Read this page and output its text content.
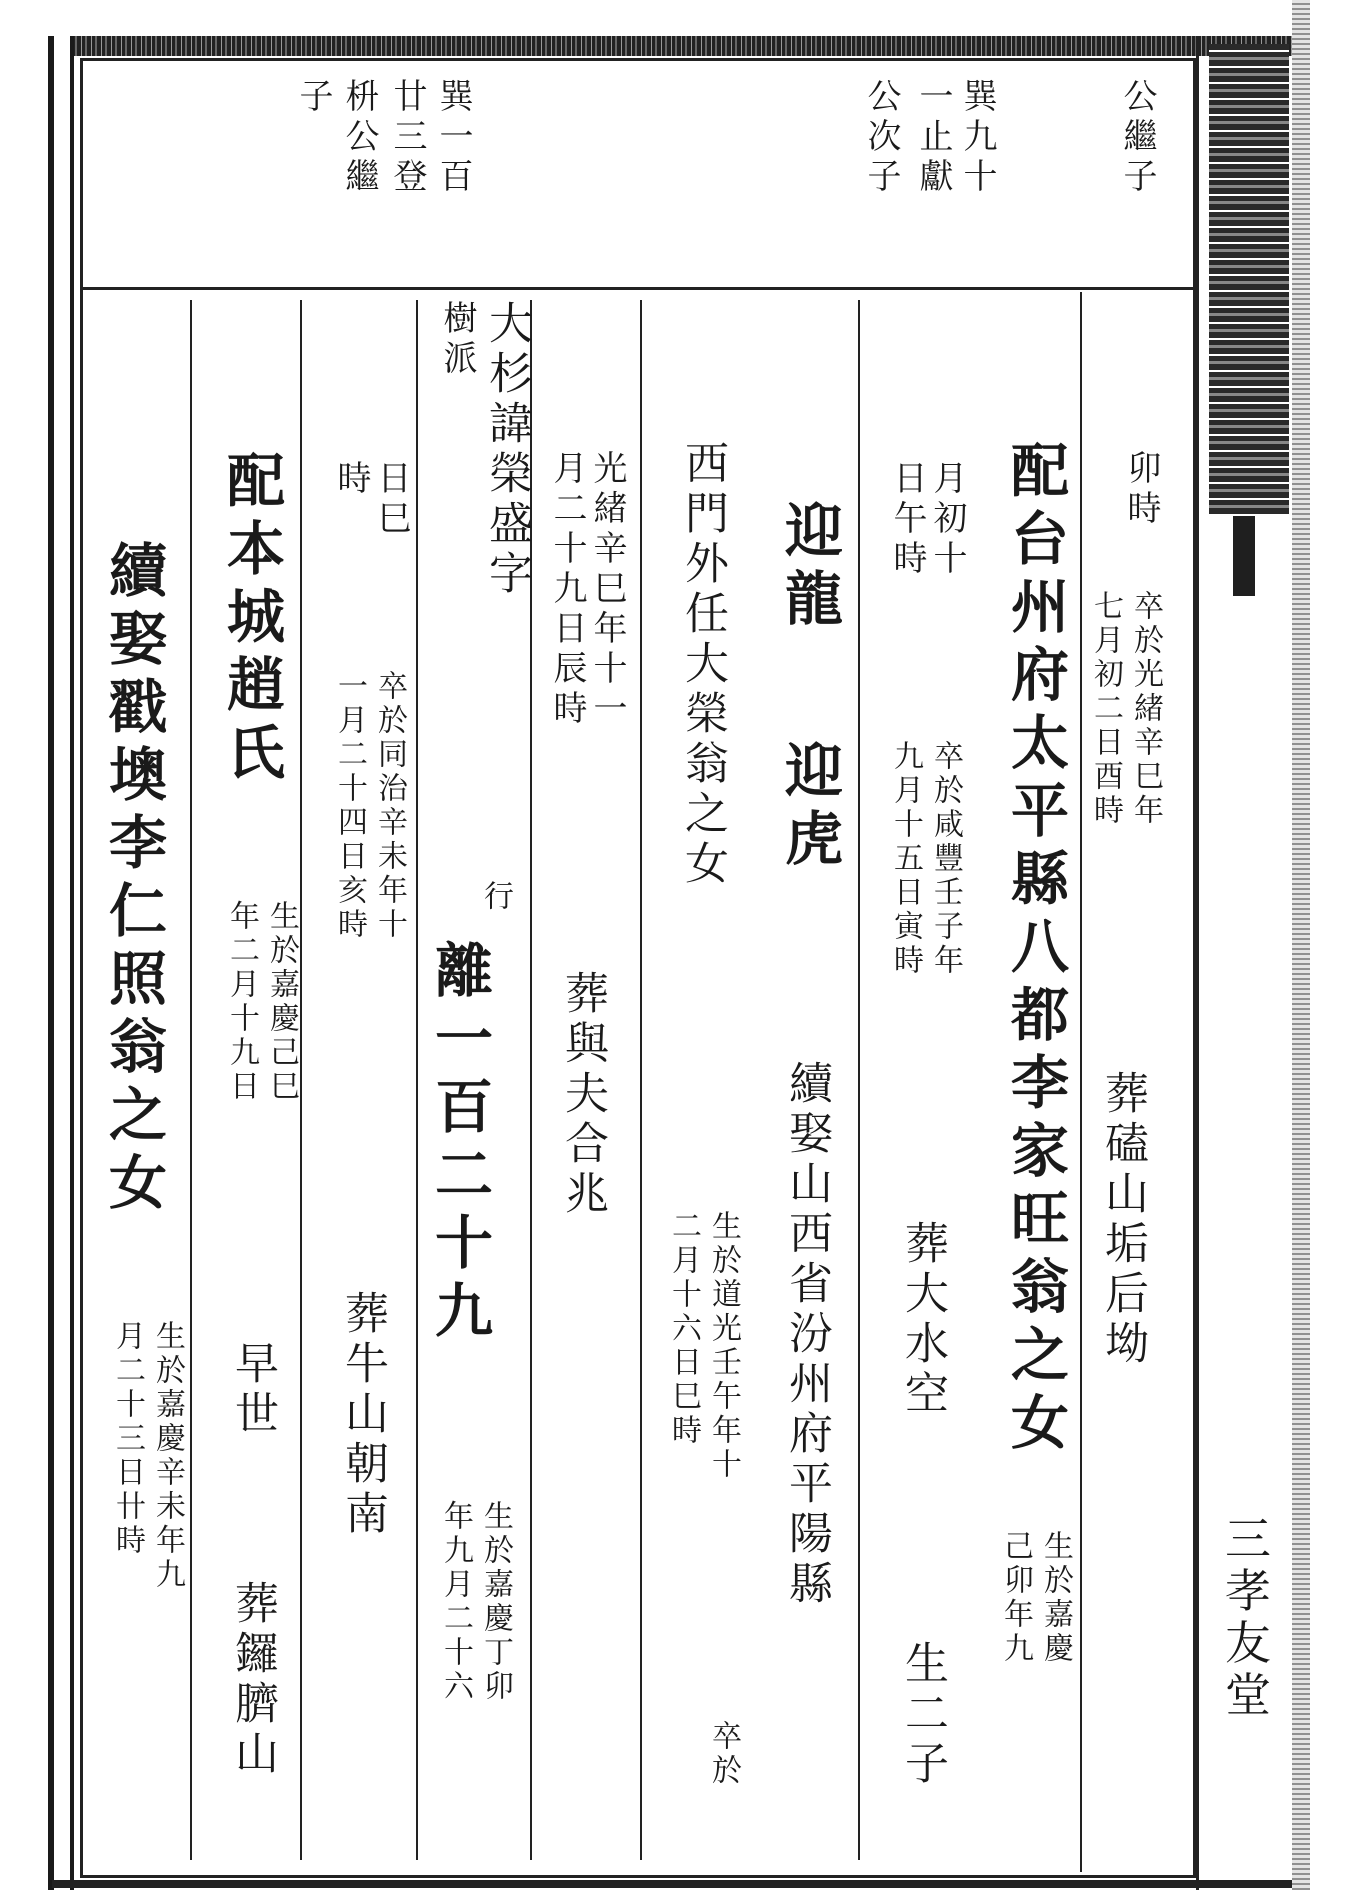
三
孝
友
堂
公繼子
巽九十
一止獻
公次子
巽一百
廿三登
枡公繼
子
卯
時
卒於光緒辛巳年
七月初二日酉時
葬磕山垢后坳
配台州府太平縣八都李家旺翁之女
生於嘉慶
己卯年九
月初十
日午時
卒於咸豐壬子年
九月十五日寅時
葬大水空
生二子
迎龍
迎虎
續娶山西省汾州府平陽縣
西門外任大榮翁之女
生於道光壬午年十
二月十六日巳時
卒於
光緒辛巳年十一
月二十九日辰時
葬與夫合兆
大杉
諱榮盛字
樹派
行
離一百二十九
生於嘉慶丁卯
年九月二十六
日巳
時
卒於同治辛未年十
一月二十四日亥時
葬牛山朝南
配本城趙氏
生於嘉慶己巳
年二月十九日
早世
葬鑼臍山
續娶戳墺李仁照翁之女
生於嘉慶辛未年九
月二十三日卄時
